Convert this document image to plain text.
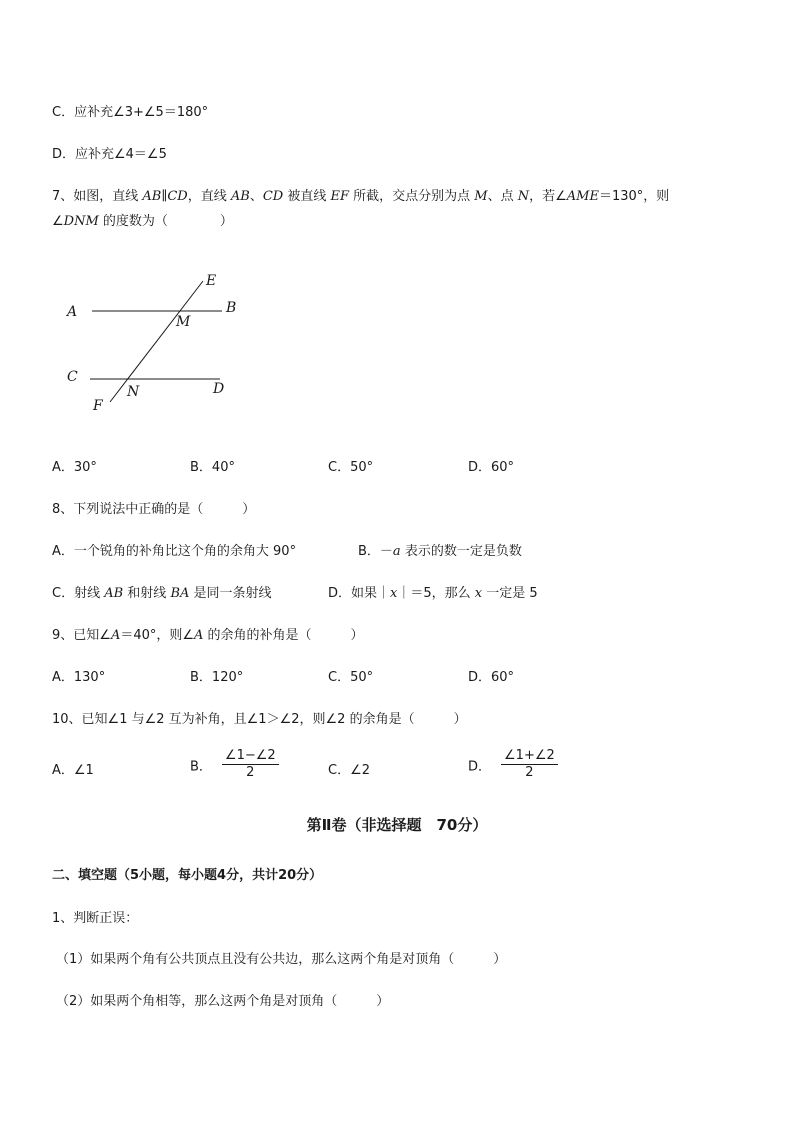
C．应补充∠3+∠5＝180°
D．应补充∠4＝∠5
7、如图，直线 AB∥CD，直线 AB、CD 被直线 EF 所截，交点分别为点 M、点 N，若∠AME＝130°，则
∠DNM 的度数为（　　　　）
A	B
C
D
E
F
M
N
A．30°	B．40°	C．50°	D．60°
8、下列说法中正确的是（　　　）
A．一个锐角的补角比这个角的余角大 90°	B．－a 表示的数一定是负数
C．射线 AB 和射线 BA 是同一条射线	D．如果｜x｜＝5，那么 x 一定是 5
9、已知∠A＝40°，则∠A 的余角的补角是（　　　）
A．130°	B．120°	C．50°	D．60°
10、已知∠1 与∠2 互为补角，且∠1＞∠2，则∠2 的余角是（　　　）
A．∠1	B． $\frac{\angle 1-\angle 2}{2}$	C．∠2	D． $\frac{\angle 1+\angle 2}{2}$
第Ⅱ卷（非选择题　70分）
二、填空题（5小题，每小题4分，共计20分）
1、判断正误：
（1）如果两个角有公共顶点且没有公共边，那么这两个角是对顶角（　　　）
（2）如果两个角相等，那么这两个角是对顶角（　　　）
